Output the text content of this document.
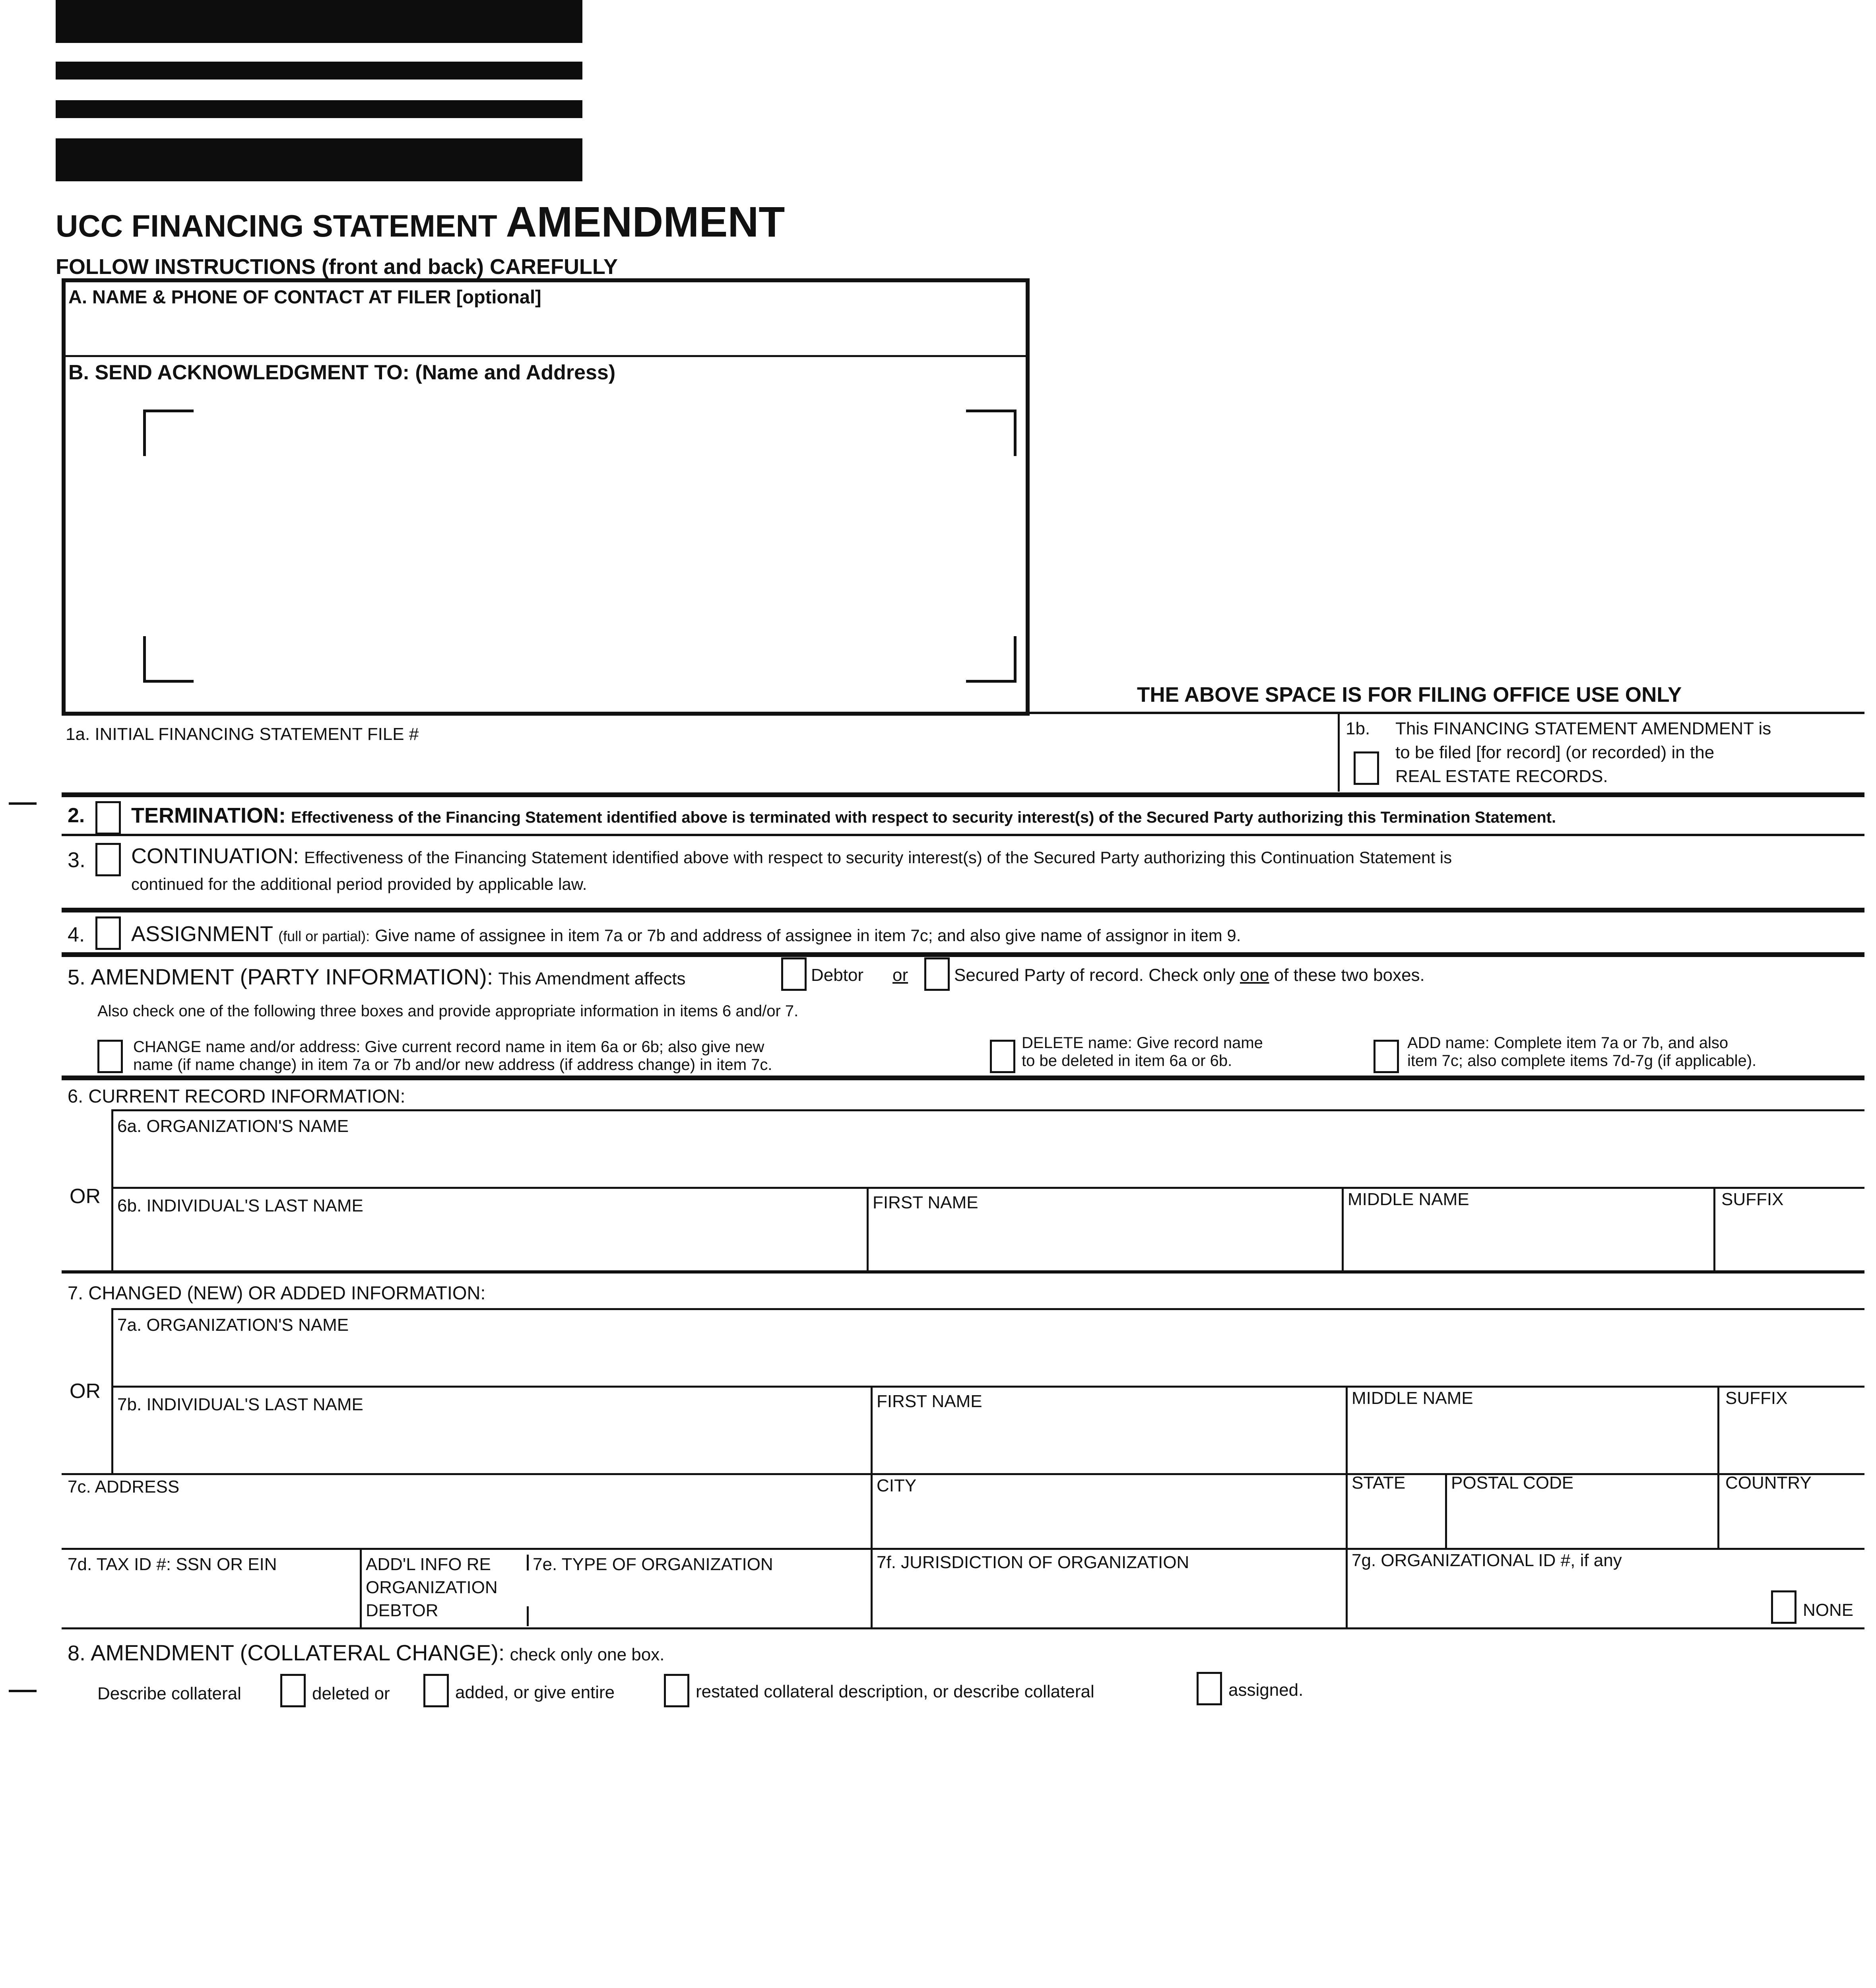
UCC FINANCING STATEMENT AMENDMENT
FOLLOW INSTRUCTIONS (front and back) CAREFULLY
A. NAME & PHONE OF CONTACT AT FILER [optional]
B. SEND ACKNOWLEDGMENT TO: (Name and Address)
THE ABOVE SPACE IS FOR FILING OFFICE USE ONLY
1a. INITIAL FINANCING STATEMENT FILE #	1b. This FINANCING STATEMENT AMENDMENT is
to be filed [for record] (or recorded) in the
REAL ESTATE RECORDS.
2. TERMINATION: Effectiveness of the Financing Statement identified above is terminated with respect to security interest(s) of the Secured Party authorizing this Termination Statement.
3. CONTINUATION: Effectiveness of the Financing Statement identified above with respect to security interest(s) of the Secured Party authorizing this Continuation Statement is
continued for the additional period provided by applicable law.
4. ASSIGNMENT (full or partial): Give name of assignee in item 7a or 7b and address of assignee in item 7c; and also give name of assignor in item 9.
5. AMENDMENT (PARTY INFORMATION): This Amendment affects	Debtor or	Secured Party of record. Check only one of these two boxes.
Also check one of the following three boxes and provide appropriate information in items 6 and/or 7.
CHANGE name and/or address: Give current record name in item 6a or 6b; also give new
name (if name change) in item 7a or 7b and/or new address (if address change) in item 7c.
DELETE name: Give record name
to be deleted in item 6a or 6b.
ADD name: Complete item 7a or 7b, and also
item 7c; also complete items 7d-7g (if applicable).
6. CURRENT RECORD INFORMATION:
6a. ORGANIZATION'S NAME
OR 6b. INDIVIDUAL'S LAST NAME	FIRST NAME	MIDDLE NAME	SUFFIX
7. CHANGED (NEW) OR ADDED INFORMATION:
7a. ORGANIZATION'S NAME
OR
7b. INDIVIDUAL'S LAST NAME	FIRST NAME	MIDDLE NAME	SUFFIX
7c. ADDRESS	CITY	STATE	POSTAL CODE	COUNTRY
7d. TAX ID #: SSN OR EIN	ADD'L INFO RE
ORGANIZATION
DEBTOR
7e. TYPE OF ORGANIZATION	7f. JURISDICTION OF ORGANIZATION	7g. ORGANIZATIONAL ID #, if any
NONE
8. AMENDMENT (COLLATERAL CHANGE): check only one box.
Describe collateral	deleted or	added, or give entire	restated collateral description, or describe collateral	assigned.
